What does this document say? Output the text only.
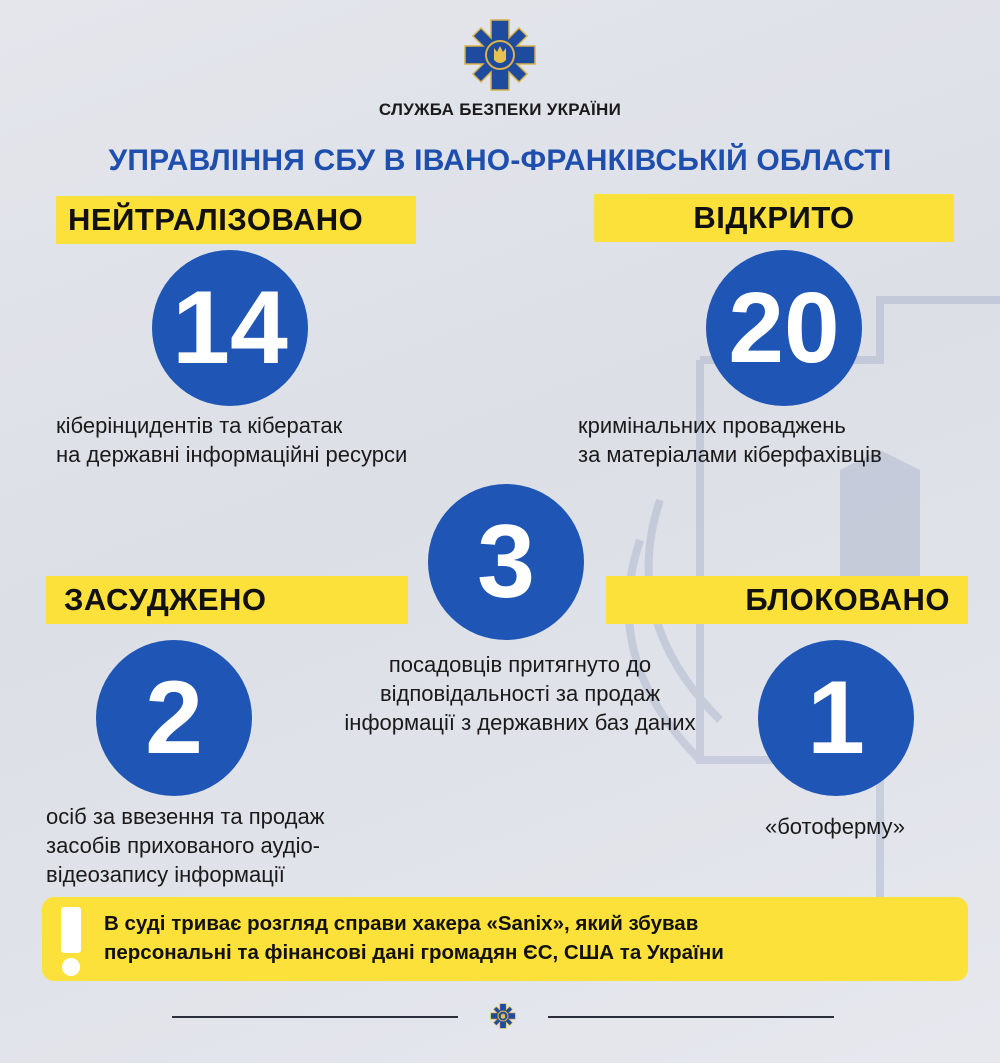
СЛУЖБА БЕЗПЕКИ УКРАЇНИ
УПРАВЛІННЯ СБУ В ІВАНО-ФРАНКІВСЬКІЙ ОБЛАСТІ
НЕЙТРАЛІЗОВАНО
14
кіберінцидентів та кібератак
на державні інформаційні ресурси
ВІДКРИТО
20
кримінальних проваджень
за матеріалами кіберфахівців
3
посадовців притягнуто до
відповідальності за продаж
інформації з державних баз даних
ЗАСУДЖЕНО
2
осіб за ввезення та продаж
засобів прихованого аудіо-
відеозапису інформації
БЛОКОВАНО
1
«ботоферму»
В суді триває розгляд справи хакера «Sanix», який збував
персональні та фінансові дані громадян ЄС, США та України
